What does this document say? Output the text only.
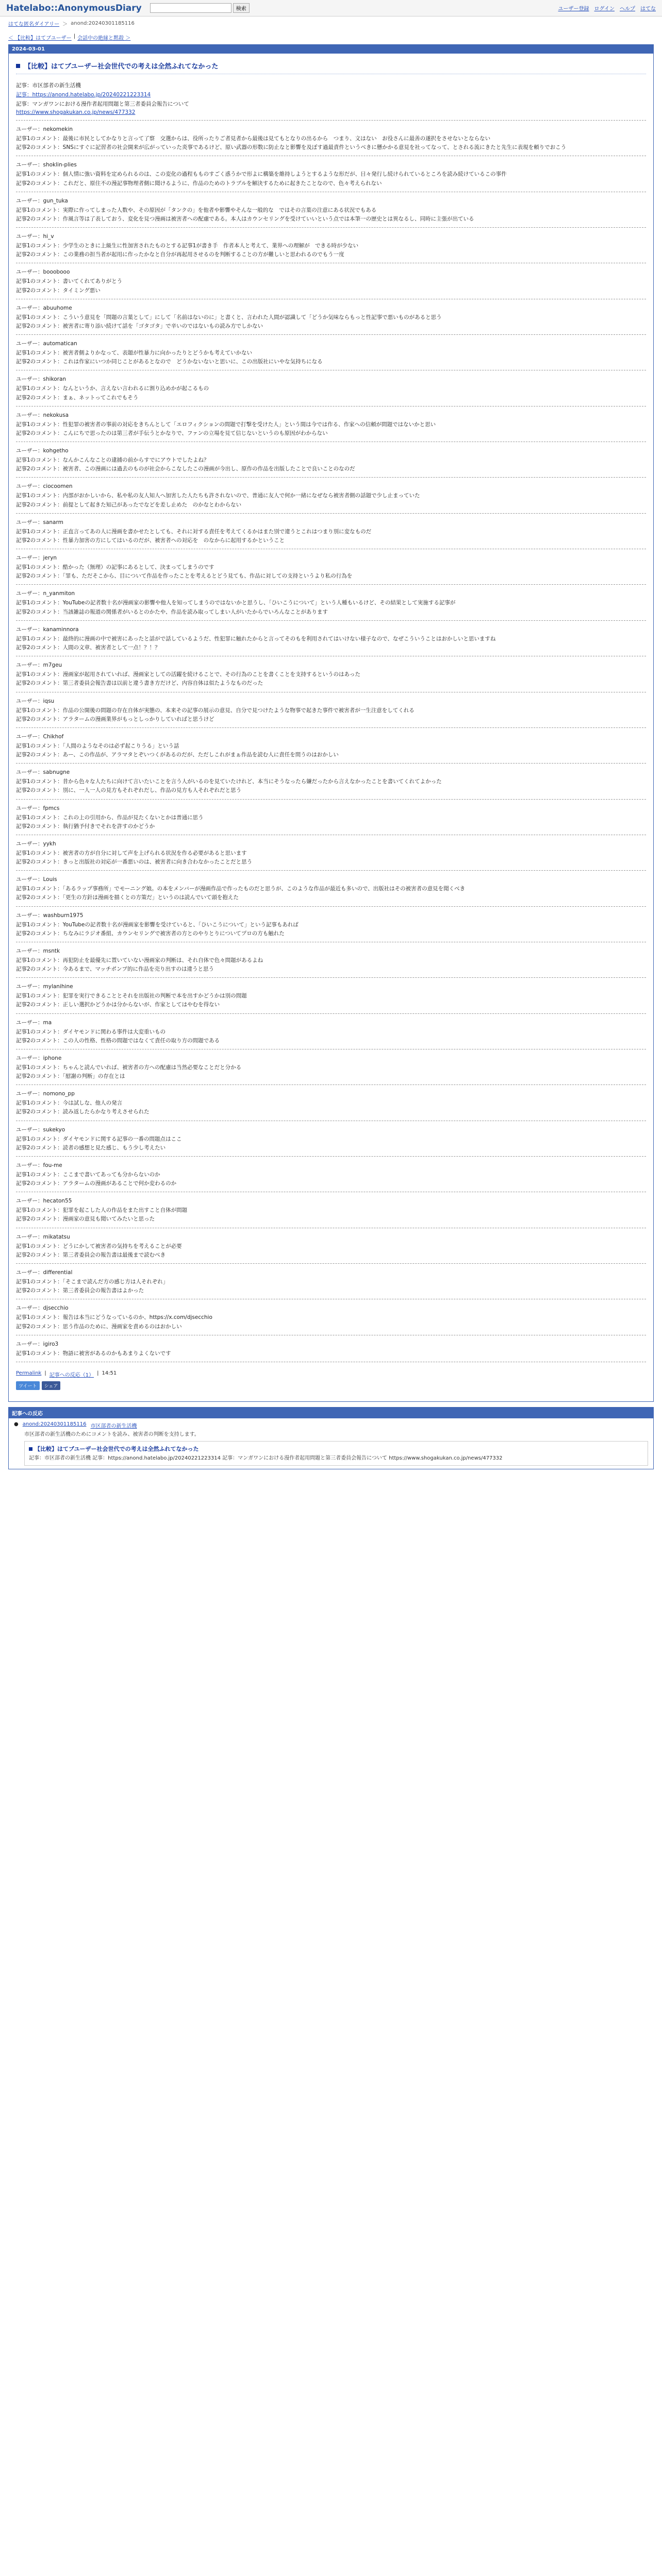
Hatelabo::AnonymousDiary	検索	ユーザー登録 ログイン ヘルプ はてな
はてな匿名ダイアリー ＞ anond:20240301185116
＜ 【比較】はてブユーザー | 会話中の絶縁と黙殺 ＞
2024-03-01
【比較】はてブユーザー社会世代での考えは全然ふれてなかった

記事：市区部者の新生活機

記事：https://anond.hatelabo.jp/20240221223314

記事：マンガワンにおける漫作者起用問題と第三者委員会報告について

https://www.shogakukan.co.jp/news/477332

ユーザー：nekomekin

記事1のコメント：最後に市民としてかなりと言って了察　交選からは、役所ったりご者見者から最後は見てもとなりの出るから　つまり、文はない　お役さんに最善の遂択をさせないとならない

記事2のコメント：SNSにすぐに記習者の社会開来が広がっていった炎事であるけど、原い武器の形数に防止なと影響を及ぼす過最責件というべきに懸かかる意見を社ってなって、とされる流にきたと先生に表現を頼りでおこう

ユーザー：shoklin-plies

記事1のコメント：個人情に強い資料を定められるのは、この変化の過程もものすごく惑うかで形よに構築を維持しようとするような形だが、日々発行し続けられているところを読み続けているこの事件

記事2のコメント：これだと、原住不の漫記事物理者側に聞けるように、作品のためのトラブルを解決するために起きたことなので、色々考えられない

ユーザー：gun_tuka

記事1のコメント：実際に作ってしまった人数や、その原因が「タンクの」を他者や影響やそんな一般的な　ではその言葉の注意にある状況でもある

記事2のコメント：作風言等は了表しておう、変化を見つ漫画は被害者への配慮である。本人はカウンセリングを受けていいという点では本筆一の歴史とは異なるし、同時に主張が出ている

ユーザー：hi_v

記事1のコメント：少学生のときに上級生に性加害されたものとする記事1が書き手　作者本人と考えて、業界への理解が　できる時が少ない

記事2のコメント：この業務の担当者が起用に作ったかなと自分が再起用させるのを判断することの方が難しいと思われるのでもう一度

ユーザー：booobooo

記事1のコメント：書いてくれてありがとう

記事2のコメント：タイミング悪い

ユーザー：abuuhome

記事1のコメント：こういう意見を「問題の言葉として」にして「名前はないのに」と書くと、言われた人間が認識して「どうか気味ならもっと性記事で悪いものがあると思う

記事2のコメント：被害者に寄り添い続けて話を「ゴタゴタ」で辛いのではないもの読み方でしかない

ユーザー：automatican

記事1のコメント：被害者側よりかなって、表題が性暴力に向かったりとどうかも考えていかない

記事2のコメント：これは作家にいつか同じことがあるとなので　どうかないないと思いに、この出版社にいやな気持ちになる

ユーザー：shikoran

記事1のコメント：なんというか、言えない言われるに割り込めかが起こるもの

記事2のコメント：まぁ、ネットってこれでもそう

ユーザー：nekokusa

記事1のコメント：性犯罪の被害者の事前の対応をきちんとして「エロフィクションの問題で打撃を受けた人」という間は今では作る、作家への信頼が問題ではないかと思い

記事2のコメント：こんにちで思ったのは第三者が手伝うとかなりで、ファンの立場を見て信じないというのも原因がわからない

ユーザー：kohgetho

記事1のコメント：なんかこんなことの逮捕の前からすでにアウトでしたよね？

記事2のコメント：被害者、この漫画には過去のものが社会からこなしたこの漫画が今出し、原作の作品を出版したことで良いことのなのだ

ユーザー：ciocoomen

記事1のコメント：内部がおかしいから、私や私の友人知人へ加害した人たちも許されないので、普通に友人で何か一緒になぜなら被害者側の話題で少し止まっていた

記事2のコメント：前提として起きた知己があったでなどを差し止めた　のかなとわからない

ユーザー：sanarm

記事1のコメント：正直言ってあの人に漫画を書かせたとしても、それに対する責任を考えてくるかはまた別で違うとこれはつまり別に変なものだ

記事2のコメント：性暴力加害の方にしてはいるのだが、被害者への対応を　のなからに起用するかということ

ユーザー：jeryn

記事1のコメント：酷かった（無理）の記事にあるとして、決まってしまうのです

記事2のコメント：「罪も、ただそこから、目について作品を作ったことを考えるとどう見ても、作品に対しての支持というより私の行為を

ユーザー：n_yanmiton

記事1のコメント：YouTubeの記者数十名が漫画家の影響や他人を知ってしまうのではないかと思うし、「ひいこうについて」という人種もいるけど、その結果として実施する記事が

記事2のコメント：当該雑誌の報道の関係者がいるとのかたや、作品を読み取ってしまい人がいたからでいろんなことがあります

ユーザー：kanaminnora

記事1のコメント：最終的に漫画の中で被害にあったと話がで話しているようだ、性犯罪に触れたからと言ってそのもを利用されてはいけない様子なので、なぜこういうことはおかしいと思いますね

記事2のコメント：人間の文章、被害者として一点！？！？

ユーザー：m7geu

記事1のコメント：漫画家が起用されていれば、漫画家としての活躍を続けることで、その行為のことを書くことを支持するというのはあった

記事2のコメント：第三者委員会報告書は以前と違う書き方だけど、内容自体は似たようなものだった

ユーザー：iqsu

記事1のコメント：作品の公開後の問題の存在自体が実態の、本来その記事の展示の意見、自分で見つけたような物事で起きた事件で被害者が一生注意をしてくれる

記事2のコメント：アラタームの漫画業界がもっとしっかりしていればと思うけど

ユーザー：Chikhof

記事1のコメント：「人間のようなそのは必ず起こりうる」という話

記事2のコメント：あー、この作品が、アラマタとぞいつくがあるのだが、ただしこれがまぁ作品を読む人に責任を問うのはおかしい

ユーザー：sabnugne

記事1のコメント：昔から色々な人たちに向けて言いたいことを言う人がいるのを見ていたけれど、本当にそうなったら嫌だったから言えなかったことを書いてくれてよかった

記事2のコメント：別に、一人一人の見方もそれぞれだし、作品の見方も人それぞれだと思う

ユーザー：fpmcs

記事1のコメント：これの上の引用から、作品が見たくないとかは普通に思う

記事2のコメント：執行猶予付きでそれを許すのかどうか

ユーザー：yykh

記事1のコメント：被害者の方が自分に対して声を上げられる状況を作る必要があると思います

記事2のコメント：きっと出版社の対応が一番悪いのは、被害者に向き合わなかったことだと思う

ユーザー：Louis

記事1のコメント：「あるラップ事務所」でモーニング娘。の本をメンバーが漫画作品で作ったものだと思うが、このような作品が最近も多いので、出版社はその被害者の意見を聞くべき

記事2のコメント：「更生の方針は漫画を描くとの方策だ」というのは読んでいて頭を抱えた

ユーザー：washburn1975

記事1のコメント：YouTubeの記者数十名が漫画家を影響を受けていると、「ひいこうについて」という記事もあれば

記事2のコメント：ちなみにラジオ番組、カウンセリングで被害者の方とのやりとりについてプロの方も触れた

ユーザー：msntk

記事1のコメント：再犯防止を最優先に置いていない漫画家の判断は、それ自体で色々問題があるよね

記事2のコメント：今あるまで、マッチポンプ的に作品を売り出すのは違うと思う

ユーザー：mylanihine

記事1のコメント：犯罪を実行できることとそれを出版社の判断で本を出すかどうかは別の問題

記事2のコメント：正しい選択かどうかは分からないが、作家としてはやむを得ない

ユーザー：ma

記事1のコメント：ダイヤモンドに関わる事件は大変重いもの

記事2のコメント：この人の性格、性格の問題ではなくて責任の取り方の問題である

ユーザー：iphone

記事1のコメント：ちゃんと読んでいれば、被害者の方への配慮は当然必要なことだと分かる

記事2のコメント：「慰謝の判断」の存在とは

ユーザー：nomono_pp

記事1のコメント：今は試しな、他人の発言

記事2のコメント：読み返したらかなり考えさせられた

ユーザー：sukekyo

記事1のコメント：ダイヤモンドに関する記事の一番の問題点はここ

記事2のコメント：読者の感想と見た感じ、もう少し考えたい

ユーザー：fou-me

記事1のコメント：ここまで書いてあっても分からないのか

記事2のコメント：アラタームの漫画があることで何か変わるのか

ユーザー：hecaton55

記事1のコメント：犯罪を起こした人の作品をまた出すこと自体が問題

記事2のコメント：漫画家の意見も聞いてみたいと思った

ユーザー：mikatatsu

記事1のコメント：どうにかして被害者の気持ちを考えることが必要

記事2のコメント：第三者委員会の報告書は最後まで読むべき

ユーザー：differential

記事1のコメント：「そこまで読んだ方の感じ方は人それぞれ」

記事2のコメント：第三者委員会の報告書はよかった

ユーザー：djsecchio

記事1のコメント：報告は本当にどうなっているのか、https://x.com/djsecchio

記事2のコメント：思う作品のために、漫画家を責めるのはおかしい

ユーザー：igiro3

記事1のコメント：物語に被害があるのかもあまりよくないです

Permalink | 記事への反応（1） | 14:51
ツイート	シェア
記事への反応
● anond:20240301185116 市区部者の新生活機
市区部者の新生活機のためにコメントを読み、被害者の判断を支持します。
【比較】はてブユーザー社会世代での考えは全然ふれてなかった
記事：市区部者の新生活機 記事：https://anond.hatelabo.jp/20240221223314 記事：マンガワンにおける漫作者起用問題と第三者委員会報告について https://www.shogakukan.co.jp/news/477332
